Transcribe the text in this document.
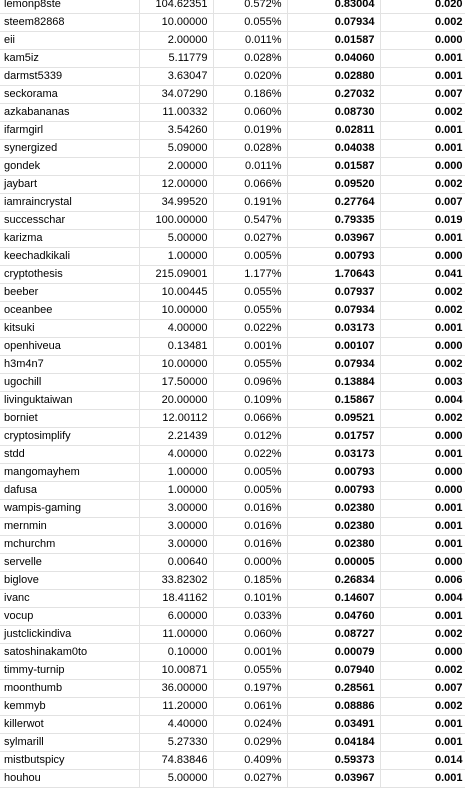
lemonp8ste	104.62351	0.572%	0.83004	0.020
steem82868	10.00000	0.055%	0.07934	0.002
eii	2.00000	0.011%	0.01587	0.000
kam5iz	5.11779	0.028%	0.04060	0.001
darmst5339	3.63047	0.020%	0.02880	0.001
seckorama	34.07290	0.186%	0.27032	0.007
azkabananas	11.00332	0.060%	0.08730	0.002
ifarmgirl	3.54260	0.019%	0.02811	0.001
synergized	5.09000	0.028%	0.04038	0.001
gondek	2.00000	0.011%	0.01587	0.000
jaybart	12.00000	0.066%	0.09520	0.002
iamraincrystal	34.99520	0.191%	0.27764	0.007
successchar	100.00000	0.547%	0.79335	0.019
karizma	5.00000	0.027%	0.03967	0.001
keechadkikali	1.00000	0.005%	0.00793	0.000
cryptothesis	215.09001	1.177%	1.70643	0.041
beeber	10.00445	0.055%	0.07937	0.002
oceanbee	10.00000	0.055%	0.07934	0.002
kitsuki	4.00000	0.022%	0.03173	0.001
openhiveua	0.13481	0.001%	0.00107	0.000
h3m4n7	10.00000	0.055%	0.07934	0.002
ugochill	17.50000	0.096%	0.13884	0.003
livinguktaiwan	20.00000	0.109%	0.15867	0.004
borniet	12.00112	0.066%	0.09521	0.002
cryptosimplify	2.21439	0.012%	0.01757	0.000
stdd	4.00000	0.022%	0.03173	0.001
mangomayhem	1.00000	0.005%	0.00793	0.000
dafusa	1.00000	0.005%	0.00793	0.000
wampis-gaming	3.00000	0.016%	0.02380	0.001
mernmin	3.00000	0.016%	0.02380	0.001
mchurchm	3.00000	0.016%	0.02380	0.001
servelle	0.00640	0.000%	0.00005	0.000
biglove	33.82302	0.185%	0.26834	0.006
ivanc	18.41162	0.101%	0.14607	0.004
vocup	6.00000	0.033%	0.04760	0.001
justclickindiva	11.00000	0.060%	0.08727	0.002
satoshinakam0to	0.10000	0.001%	0.00079	0.000
timmy-turnip	10.00871	0.055%	0.07940	0.002
moonthumb	36.00000	0.197%	0.28561	0.007
kemmyb	11.20000	0.061%	0.08886	0.002
killerwot	4.40000	0.024%	0.03491	0.001
sylmarill	5.27330	0.029%	0.04184	0.001
mistbutspicy	74.83846	0.409%	0.59373	0.014
houhou	5.00000	0.027%	0.03967	0.001
